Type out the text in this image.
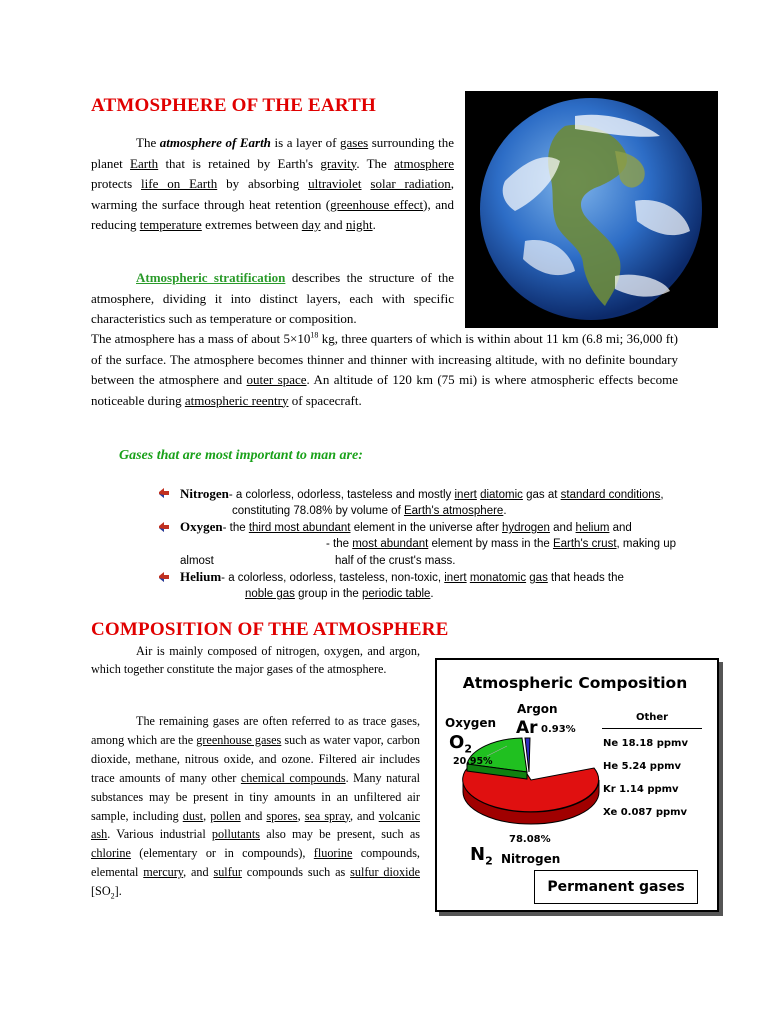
ATMOSPHERE OF THE EARTH

The atmosphere of Earth is a layer of gases surrounding the planet Earth that is retained by Earth's gravity. The atmosphere protects life on Earth by absorbing ultraviolet solar radiation, warming the surface through heat retention (greenhouse effect), and reducing temperature extremes between day and night.

Atmospheric stratification describes the structure of the atmosphere, dividing it into distinct layers, each with specific characteristics such as temperature or composition.

The atmosphere has a mass of about $5\times 10^{18}$ kg, three quarters of which is within about 11 km (6.8 mi; 36,000 ft) of the surface. The atmosphere becomes thinner and thinner with increasing altitude, with no definite boundary between the atmosphere and outer space. An altitude of 120 km (75 mi) is where atmospheric effects become noticeable during atmospheric reentry of spacecraft.

Gases that are most important to man are:
Nitrogen- a colorless, odorless, tasteless and mostly inert diatomic gas at standard conditions,
constituting 78.08% by volume of Earth's atmosphere.
Oxygen- the third most abundant element in the universe after hydrogen and helium and
- the most abundant element by mass in the Earth's crust, making up
almost	half of the crust's mass.
Helium- a colorless, odorless, tasteless, non-toxic, inert monatomic gas that heads the
noble gas group in the periodic table.
COMPOSITION OF THE ATMOSPHERE

Air is mainly composed of nitrogen, oxygen, and argon, which together constitute the major gases of the atmosphere.

The remaining gases are often referred to as trace gases, among which are the greenhouse gases such as water vapor, carbon dioxide, methane, nitrous oxide, and ozone. Filtered air includes trace amounts of many other chemical compounds. Many natural substances may be present in tiny amounts in an unfiltered air sample, including dust, pollen and spores, sea spray, and volcanic ash. Various industrial pollutants also may be present, such as chlorine (elementary or in compounds), fluorine compounds, elemental mercury, and sulfur compounds such as sulfur dioxide $[SO_2]$.

Atmospheric Composition
Argon
Ar 0.93%
Oxygen
$O_2$
20.95%
78.08%
$N_2$ Nitrogen
Other
Ne 18.18 ppmv
He 5.24 ppmv
Kr 1.14 ppmv
Xe 0.087 ppmv
Permanent gases
